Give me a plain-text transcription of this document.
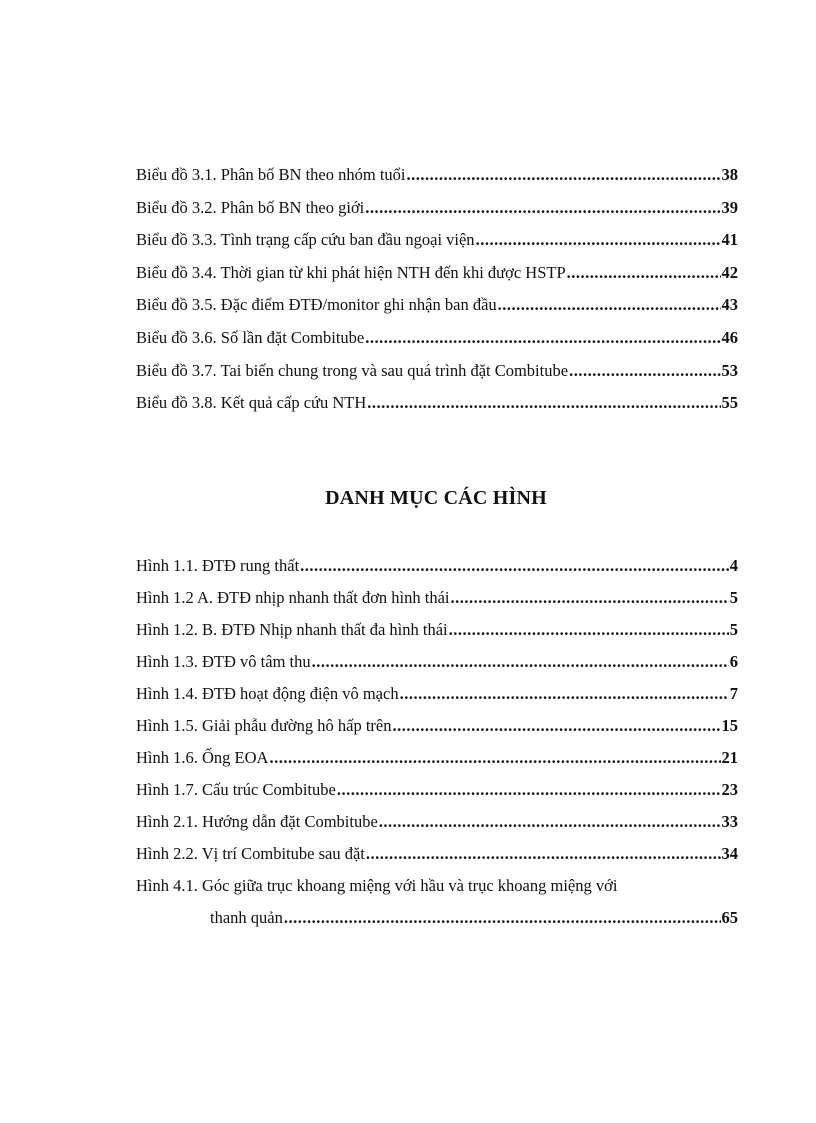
Biểu đồ 3.1. Phân bố BN theo nhóm tuổi .....	38
Biểu đồ 3.2. Phân bố BN theo giới .....	39
Biểu đồ 3.3. Tình trạng cấp cứu ban đầu ngoại viện .....	41
Biểu đồ 3.4. Thời gian từ khi phát hiện NTH đến khi được HSTP .....	42
Biểu đồ 3.5. Đặc điểm ĐTĐ/monitor ghi nhận ban đầu .....	43
Biểu đồ 3.6. Số lần đặt Combitube .....	46
Biểu đồ 3.7. Tai biến chung trong và sau quá trình đặt Combitube .....	53
Biểu đồ 3.8. Kết quả cấp cứu NTH .....	55
DANH MỤC CÁC HÌNH
Hình 1.1. ĐTĐ rung thất .....	4
Hình 1.2 A. ĐTĐ nhịp nhanh thất đơn hình thái .....	5
Hình 1.2. B. ĐTĐ Nhịp nhanh thất đa hình thái .....	5
Hình 1.3. ĐTĐ vô tâm thu .....	6
Hình 1.4. ĐTĐ hoạt động điện vô mạch .....	7
Hình 1.5. Giải phẫu đường hô hấp trên .....	15
Hình 1.6. Ống EOA .....	21
Hình 1.7. Cấu trúc Combitube .....	23
Hình 2.1. Hướng dẫn đặt Combitube .....	33
Hình 2.2. Vị trí Combitube sau đặt .....	34
Hình 4.1. Góc giữa trục khoang miệng với hầu và trục khoang miệng với
thanh quản .....	65
